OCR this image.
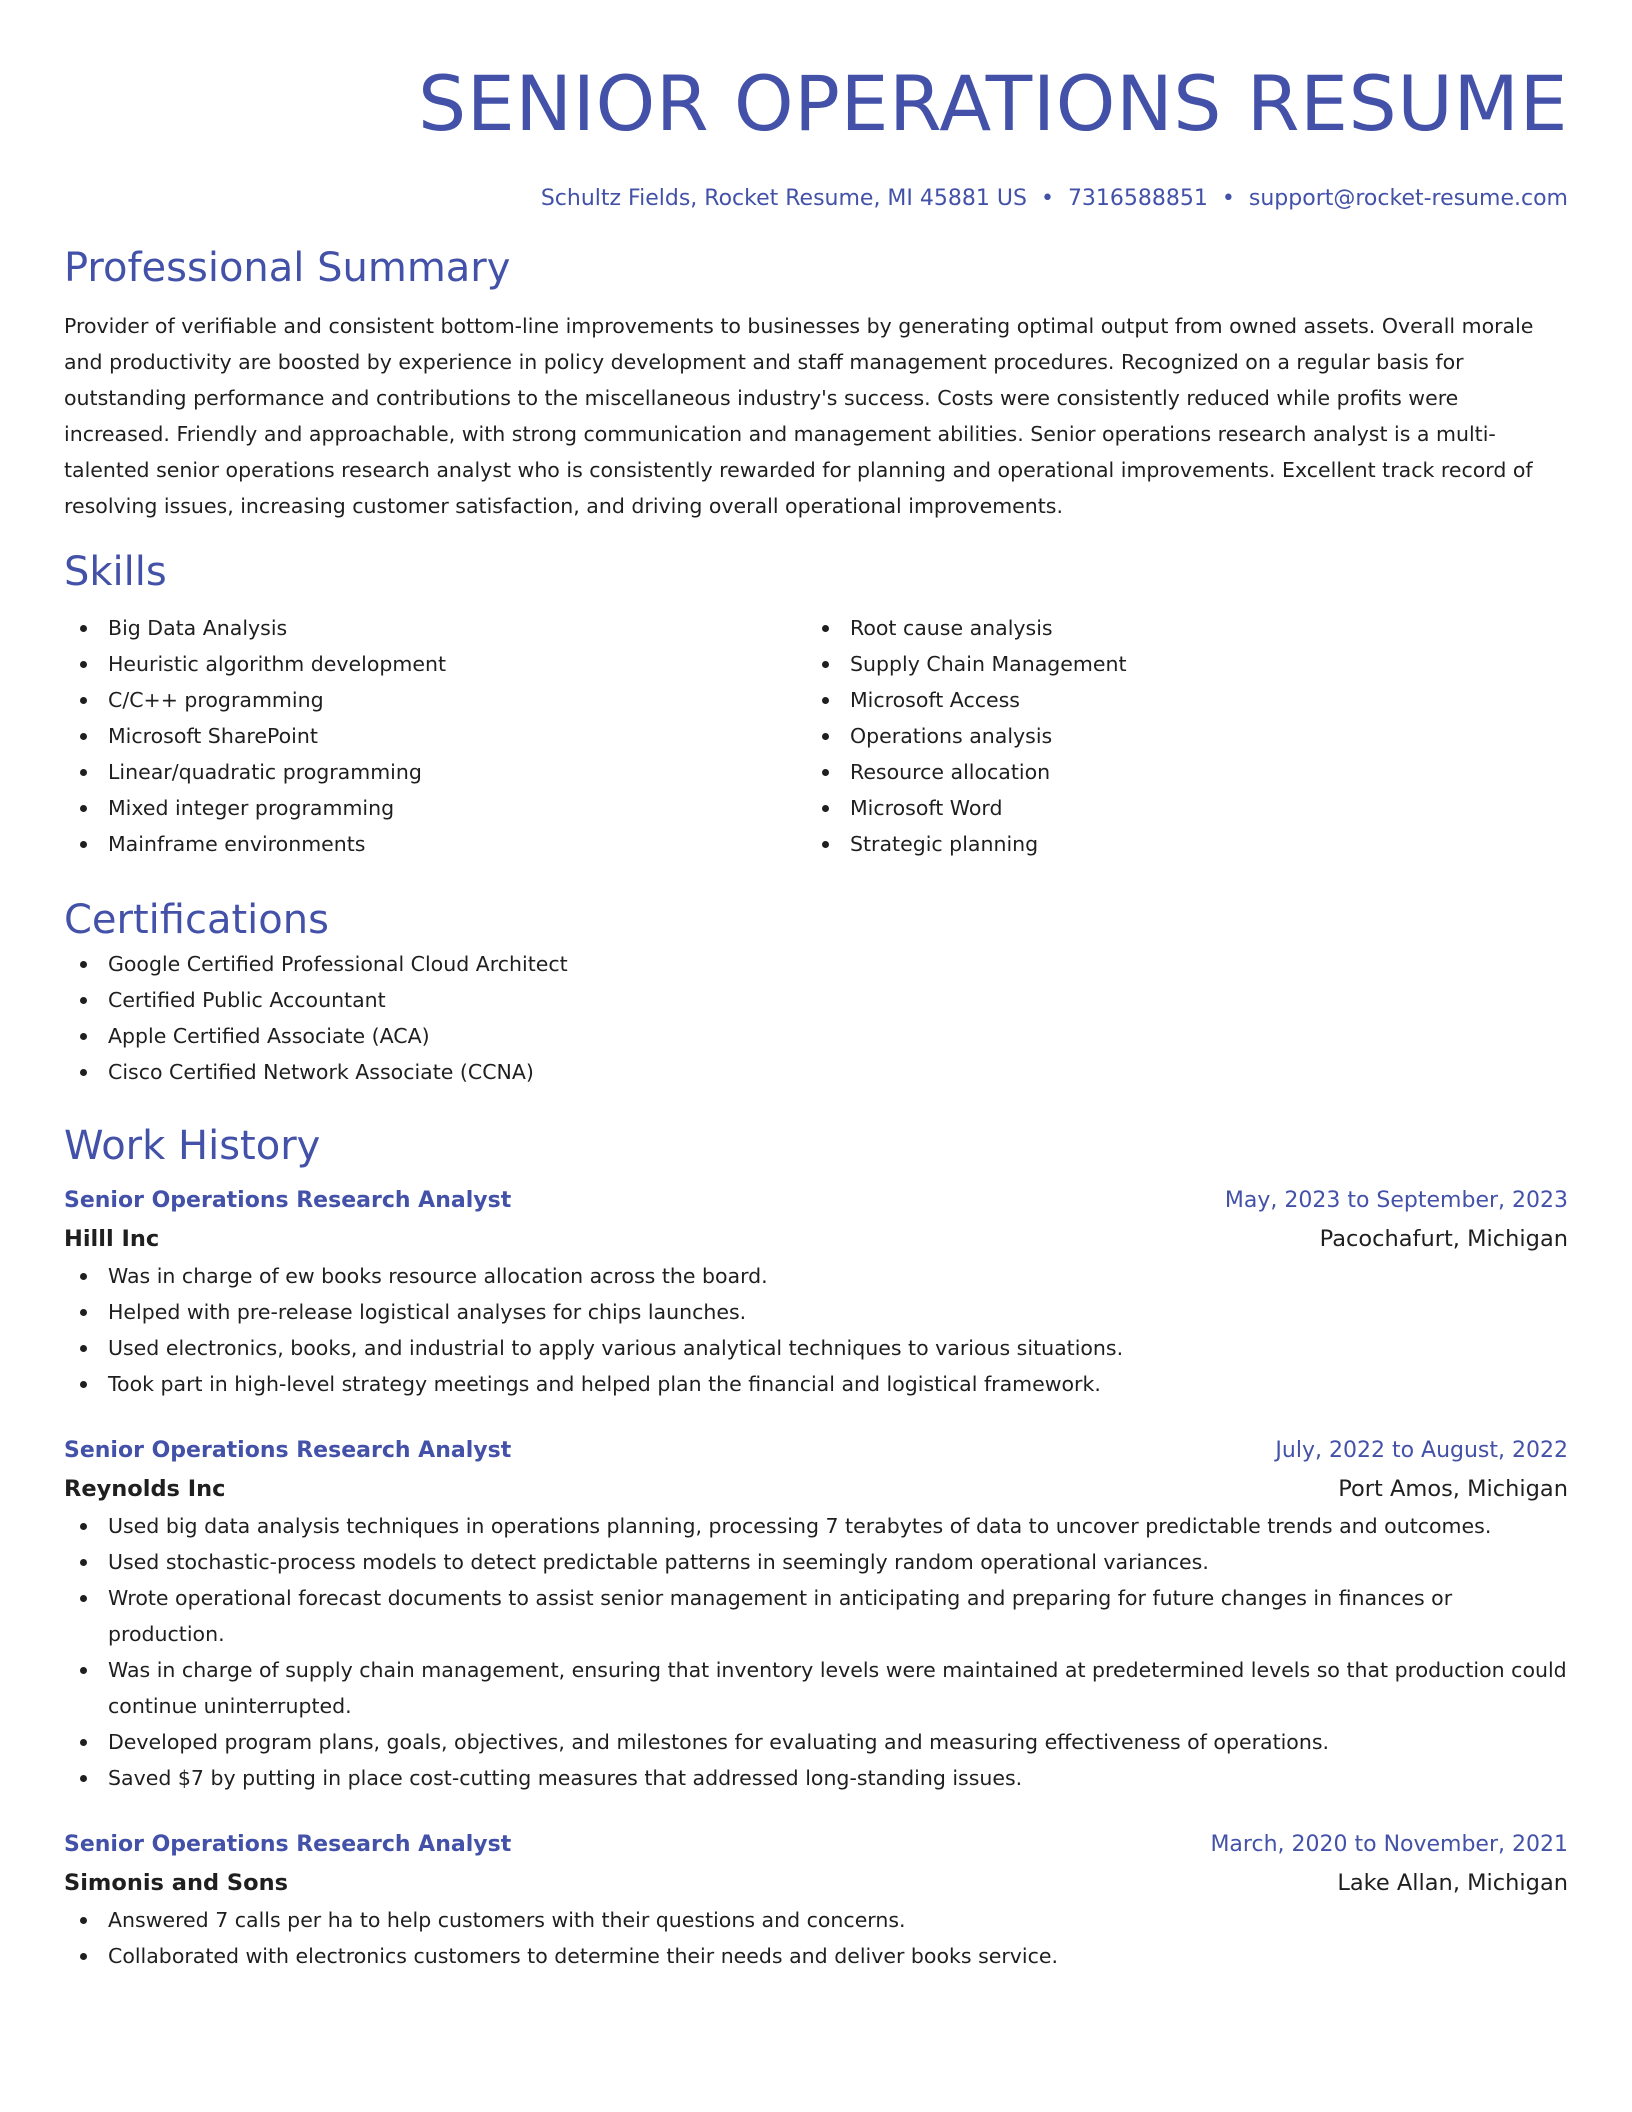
SENIOR OPERATIONS RESUME
Schultz Fields, Rocket Resume, MI 45881 US • 7316588851 • support@rocket-resume.com
Professional Summary

Provider of verifiable and consistent bottom-line improvements to businesses by generating optimal output from owned assets. Overall morale and productivity are boosted by experience in policy development and staff management procedures. Recognized on a regular basis for outstanding performance and contributions to the miscellaneous industry's success. Costs were consistently reduced while profits were increased. Friendly and approachable, with strong communication and management abilities. Senior operations research analyst is a multi-talented senior operations research analyst who is consistently rewarded for planning and operational improvements. Excellent track record of resolving issues, increasing customer satisfaction, and driving overall operational improvements.

Skills
Big Data Analysis
Heuristic algorithm development
C/C++ programming
Microsoft SharePoint
Linear/quadratic programming
Mixed integer programming
Mainframe environments
Root cause analysis
Supply Chain Management
Microsoft Access
Operations analysis
Resource allocation
Microsoft Word
Strategic planning
Certifications
Google Certified Professional Cloud Architect
Certified Public Accountant
Apple Certified Associate (ACA)
Cisco Certified Network Associate (CCNA)
Work History
Senior Operations Research Analyst	May, 2023 to September, 2023
Hilll Inc	Pacochafurt, Michigan
Was in charge of ew books resource allocation across the board.
Helped with pre-release logistical analyses for chips launches.
Used electronics, books, and industrial to apply various analytical techniques to various situations.
Took part in high-level strategy meetings and helped plan the financial and logistical framework.
Senior Operations Research Analyst	July, 2022 to August, 2022
Reynolds Inc	Port Amos, Michigan
Used big data analysis techniques in operations planning, processing 7 terabytes of data to uncover predictable trends and outcomes.
Used stochastic-process models to detect predictable patterns in seemingly random operational variances.
Wrote operational forecast documents to assist senior management in anticipating and preparing for future changes in finances or production.
Was in charge of supply chain management, ensuring that inventory levels were maintained at predetermined levels so that production could continue uninterrupted.
Developed program plans, goals, objectives, and milestones for evaluating and measuring effectiveness of operations.
Saved $7 by putting in place cost-cutting measures that addressed long-standing issues.
Senior Operations Research Analyst	March, 2020 to November, 2021
Simonis and Sons	Lake Allan, Michigan
Answered 7 calls per ha to help customers with their questions and concerns.
Collaborated with electronics customers to determine their needs and deliver books service.
